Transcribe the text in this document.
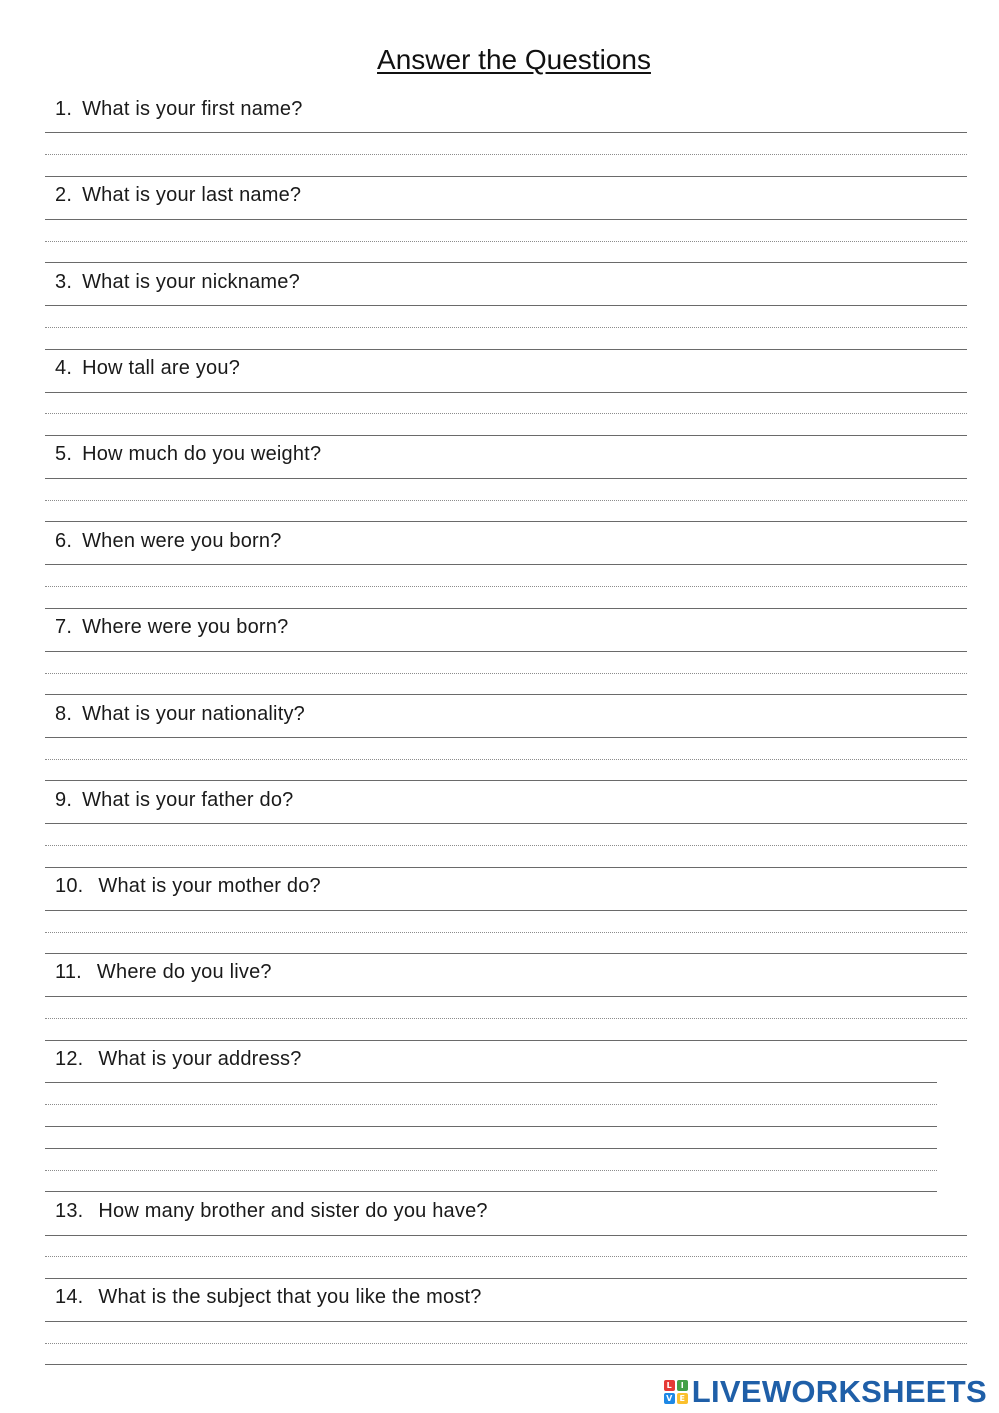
Answer the Questions
1. What is your first name?
2. What is your last name?
3. What is your nickname?
4. How tall are you?
5. How much do you weight?
6. When were you born?
7. Where were you born?
8. What is your nationality?
9. What is your father do?
10. What is your mother do?
11. Where do you live?
12. What is your address?
13. How many brother and sister do you have?
14. What is the subject that you like the most?
L	I
V E LIVEWORKSHEETS
